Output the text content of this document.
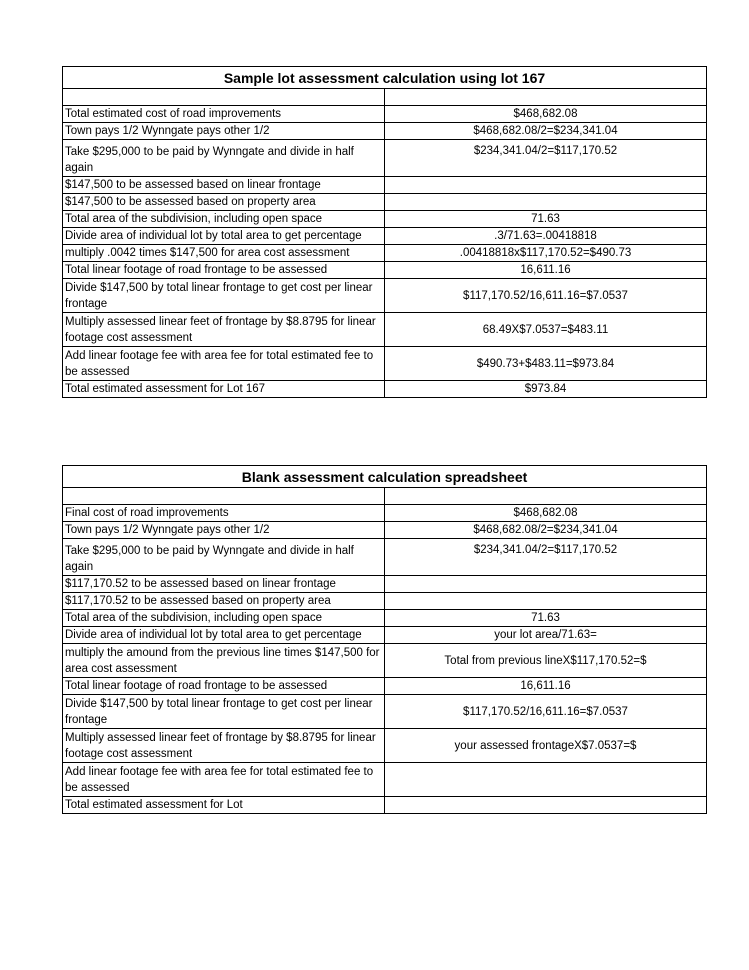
Sample lot assessment calculation using lot 167	

Total estimated cost of road improvements	$468,682.08
Town pays 1/2 Wynngate pays other 1/2	$468,682.08/2=$234,341.04
Take $295,000 to be paid by Wynngate and divide in half again	$234,341.04/2=$117,170.52
$147,500 to be assessed based on linear frontage	
$147,500 to be assessed based on property area	
Total area of the subdivision, including open space	71.63
Divide area of individual lot by total area to get percentage	.3/71.63=.00418818
multiply .0042 times $147,500 for area cost assessment	.00418818x$117,170.52=$490.73
Total linear footage of road frontage to be assessed	16,611.16
Divide $147,500 by total linear frontage to get cost per linear frontage	$117,170.52/16,611.16=$7.0537
Multiply assessed linear feet of frontage by $8.8795 for linear footage cost assessment	68.49X$7.0537=$483.11
Add linear footage fee with area fee for total estimated fee to be assessed	$490.73+$483.11=$973.84
Total estimated assessment for Lot 167	$973.84
Blank assessment calculation spreadsheet	

Final cost of road improvements	$468,682.08
Town pays 1/2 Wynngate pays other 1/2	$468,682.08/2=$234,341.04
Take $295,000 to be paid by Wynngate and divide in half again	$234,341.04/2=$117,170.52
$117,170.52 to be assessed based on linear frontage	
$117,170.52 to be assessed based on property area	
Total area of the subdivision, including open space	71.63
Divide area of individual lot by total area to get percentage	your lot area/71.63=
multiply the amound from the previous line times $147,500 for area cost assessment	Total from previous lineX$117,170.52=$
Total linear footage of road frontage to be assessed	16,611.16
Divide $147,500 by total linear frontage to get cost per linear frontage	$117,170.52/16,611.16=$7.0537
Multiply assessed linear feet of frontage by $8.8795 for linear footage cost assessment	your assessed frontageX$7.0537=$
Add linear footage fee with area fee for total estimated fee to be assessed	
Total estimated assessment for Lot	
